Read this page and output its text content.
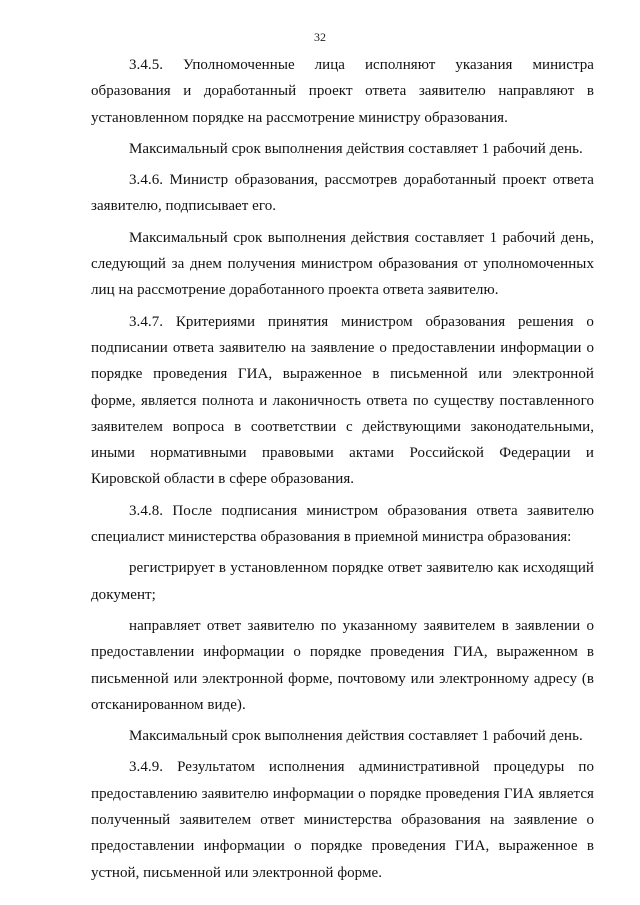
32

3.4.5. Уполномоченные лица исполняют указания министра образования и доработанный проект ответа заявителю направляют в установленном порядке на рассмотрение министру образования.

Максимальный срок выполнения действия составляет 1 рабочий день.

3.4.6. Министр образования, рассмотрев доработанный проект ответа заявителю, подписывает его.

Максимальный срок выполнения действия составляет 1 рабочий день, следующий за днем получения министром образования от уполномоченных лиц на рассмотрение доработанного проекта ответа заявителю.

3.4.7. Критериями принятия министром образования решения о подписании ответа заявителю на заявление о предоставлении информации о порядке проведения ГИА, выраженное в письменной или электронной форме, является полнота и лаконичность ответа по существу поставленного заявителем вопроса в соответствии с действующими законодательными, иными нормативными правовыми актами Российской Федерации и Кировской области в сфере образования.

3.4.8. После подписания министром образования ответа заявителю специалист министерства образования в приемной министра образования:

регистрирует в установленном порядке ответ заявителю как исходящий документ;

направляет ответ заявителю по указанному заявителем в заявлении о предоставлении информации о порядке проведения ГИА, выраженном в письменной или электронной форме, почтовому или электронному адресу (в отсканированном виде).

Максимальный срок выполнения действия составляет 1 рабочий день.

3.4.9. Результатом исполнения административной процедуры по предоставлению заявителю информации о порядке проведения ГИА является полученный заявителем ответ министерства образования на заявление о предоставлении информации о порядке проведения ГИА, выраженное в устной, письменной или электронной форме.
